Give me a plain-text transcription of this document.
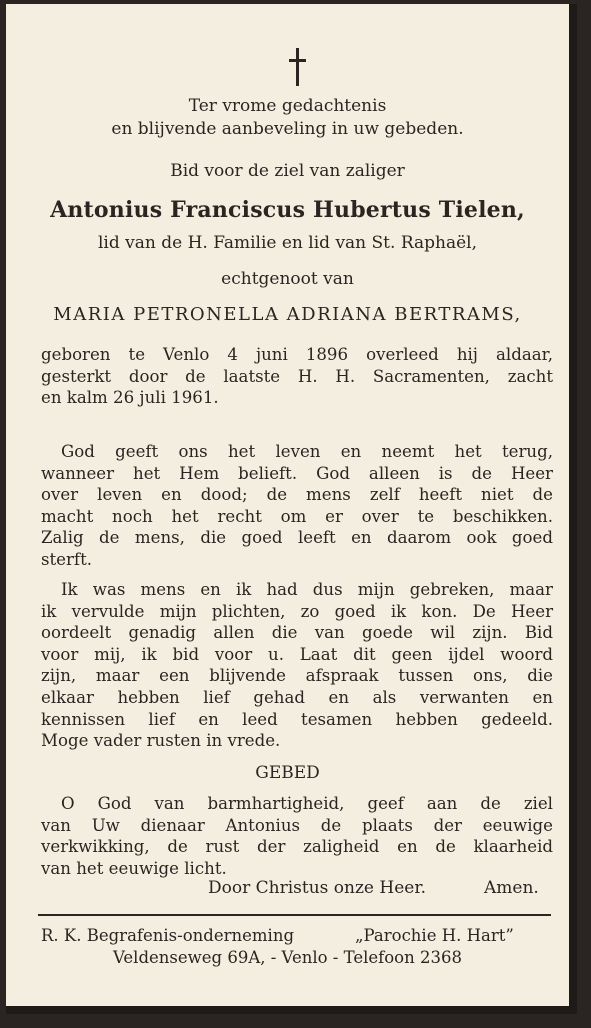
Ter vrome gedachtenis

en blijvende aanbeveling in uw gebeden.

Bid voor de ziel van zaliger

Antonius Franciscus Hubertus Tielen,

lid van de H. Familie en lid van St. Raphaël,

echtgenoot van

MARIA PETRONELLA ADRIANA BERTRAMS,

geboren te Venlo 4 juni 1896 overleed hij aldaar,
gesterkt door de laatste H. H. Sacramenten, zacht
en kalm 26 juli 1961.
God geeft ons het leven en neemt het terug,
wanneer het Hem belieft. God alleen is de Heer
over leven en dood; de mens zelf heeft niet de
macht noch het recht om er over te beschikken.
Zalig de mens, die goed leeft en daarom ook goed
sterft.
Ik was mens en ik had dus mijn gebreken, maar
ik vervulde mijn plichten, zo goed ik kon. De Heer
oordeelt genadig allen die van goede wil zijn. Bid
voor mij, ik bid voor u. Laat dit geen ijdel woord
zijn, maar een blijvende afspraak tussen ons, die
elkaar hebben lief gehad en als verwanten en
kennissen lief en leed tesamen hebben gedeeld.
Moge vader rusten in vrede.

GEBED

O God van barmhartigheid, geef aan de ziel
van Uw dienaar Antonius de plaats der eeuwige
verkwikking, de rust der zaligheid en de klaarheid
van het eeuwige licht.

Door Christus onze Heer.	Amen.

R. K. Begrafenis-onderneming	„Parochie H. Hart”

Veldenseweg 69A, - Venlo - Telefoon 2368
